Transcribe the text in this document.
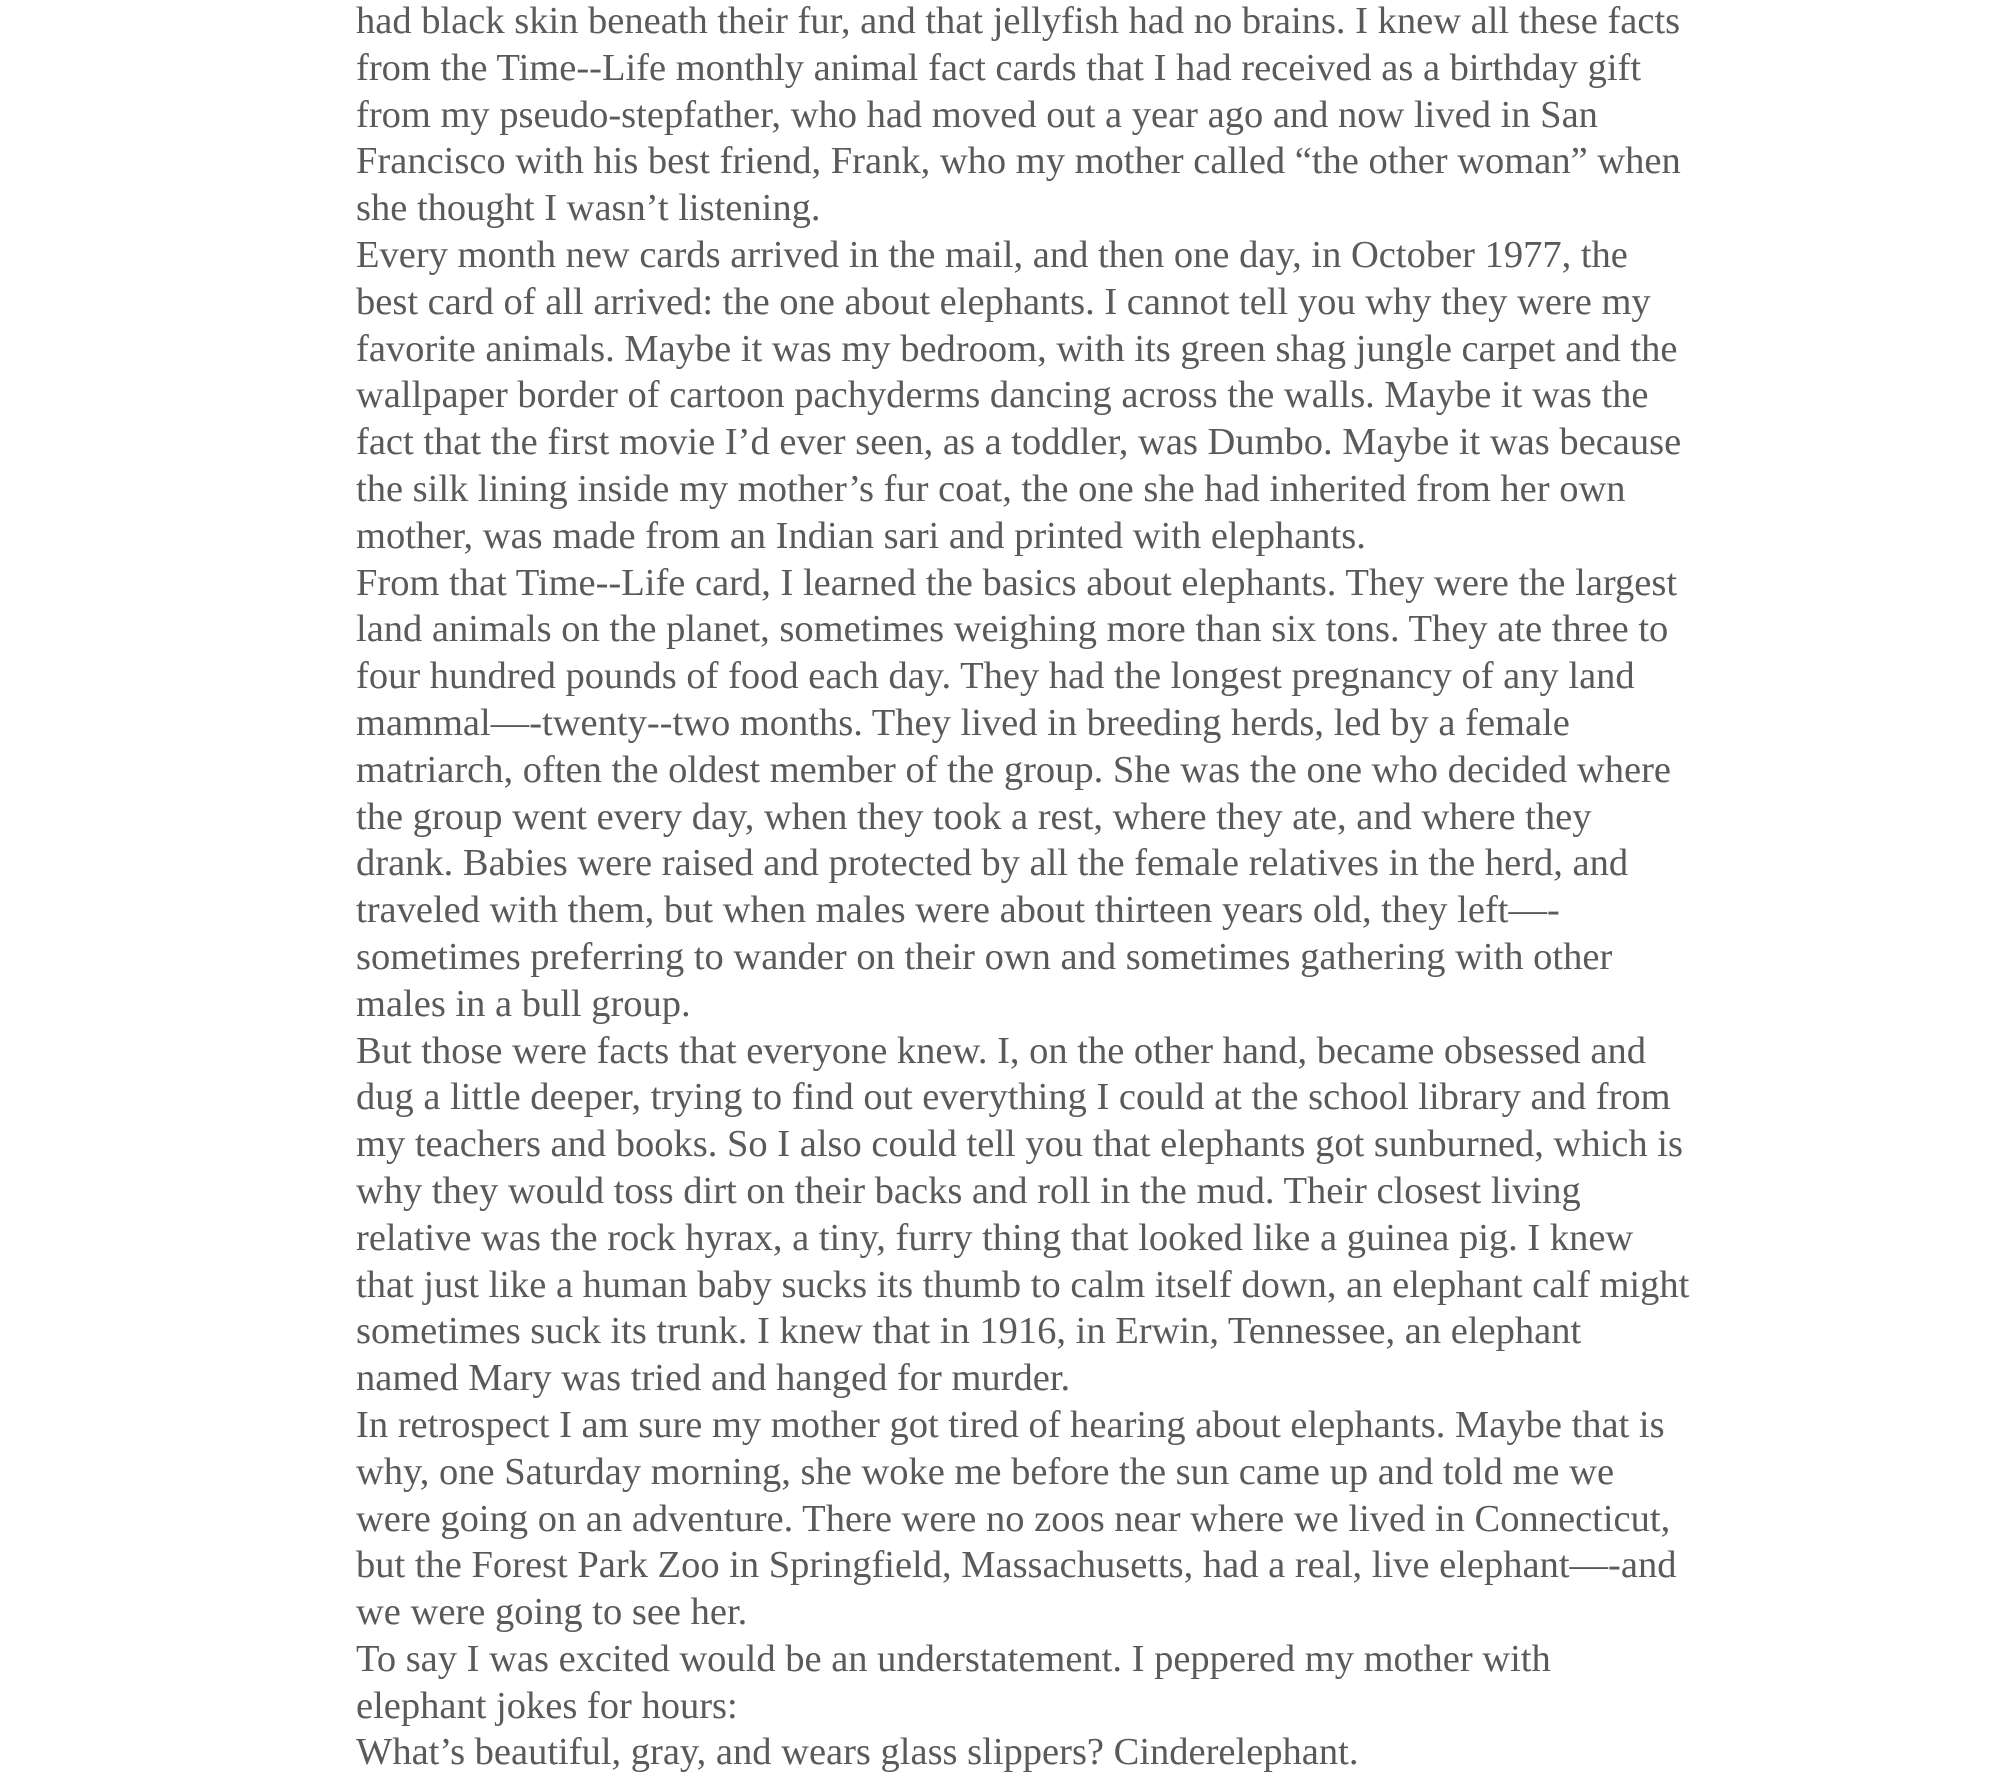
had black skin beneath their fur, and that jellyfish had no brains. I knew all these facts
from the Time--Life monthly animal fact cards that I had received as a birthday gift
from my pseudo-stepfather, who had moved out a year ago and now lived in San
Francisco with his best friend, Frank, who my mother called “the other woman” when
she thought I wasn’t listening.
Every month new cards arrived in the mail, and then one day, in October 1977, the
best card of all arrived: the one about elephants. I cannot tell you why they were my
favorite animals. Maybe it was my bedroom, with its green shag jungle carpet and the
wallpaper border of cartoon pachyderms dancing across the walls. Maybe it was the
fact that the first movie I’d ever seen, as a toddler, was Dumbo. Maybe it was because
the silk lining inside my mother’s fur coat, the one she had inherited from her own
mother, was made from an Indian sari and printed with elephants.
From that Time--Life card, I learned the basics about elephants. They were the largest
land animals on the planet, sometimes weighing more than six tons. They ate three to
four hundred pounds of food each day. They had the longest pregnancy of any land
mammal—-twenty--two months. They lived in breeding herds, led by a female
matriarch, often the oldest member of the group. She was the one who decided where
the group went every day, when they took a rest, where they ate, and where they
drank. Babies were raised and protected by all the female relatives in the herd, and
traveled with them, but when males were about thirteen years old, they left—-
sometimes preferring to wander on their own and sometimes gathering with other
males in a bull group.
But those were facts that everyone knew. I, on the other hand, became obsessed and
dug a little deeper, trying to find out everything I could at the school library and from
my teachers and books. So I also could tell you that elephants got sunburned, which is
why they would toss dirt on their backs and roll in the mud. Their closest living
relative was the rock hyrax, a tiny, furry thing that looked like a guinea pig. I knew
that just like a human baby sucks its thumb to calm itself down, an elephant calf might
sometimes suck its trunk. I knew that in 1916, in Erwin, Tennessee, an elephant
named Mary was tried and hanged for murder.
In retrospect I am sure my mother got tired of hearing about elephants. Maybe that is
why, one Saturday morning, she woke me before the sun came up and told me we
were going on an adventure. There were no zoos near where we lived in Connecticut,
but the Forest Park Zoo in Springfield, Massachusetts, had a real, live elephant—-and
we were going to see her.
To say I was excited would be an understatement. I peppered my mother with
elephant jokes for hours:
What’s beautiful, gray, and wears glass slippers? Cinderelephant.
